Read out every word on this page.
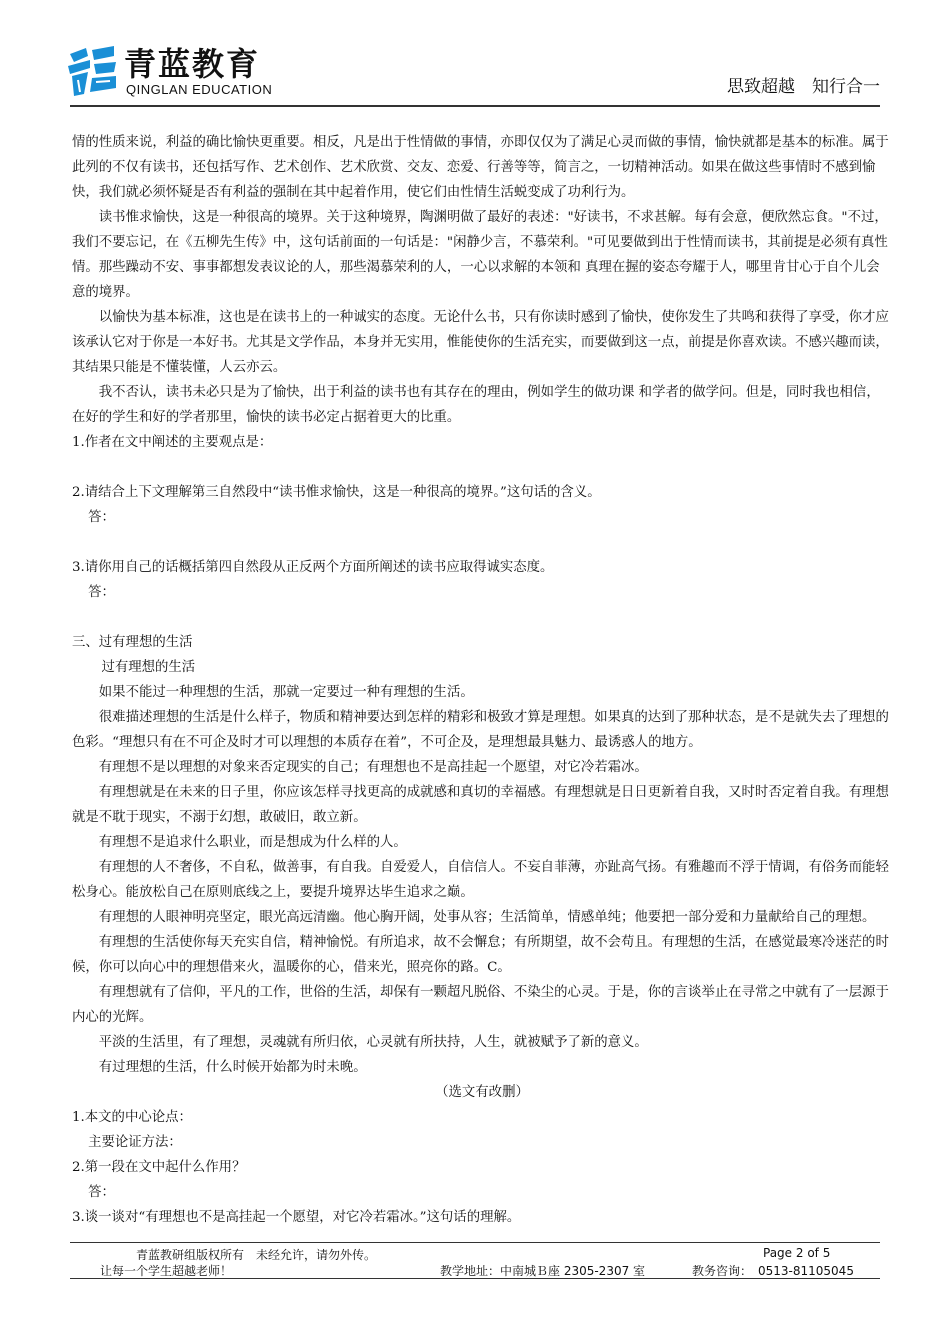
青蓝教育
QINGLAN EDUCATION	思致超越　知行合一

情的性质来说，利益的确比愉快更重要。相反，凡是出于性情做的事情，亦即仅仅为了满足心灵而做的事情，愉快就都是基本的标准。属于此列的不仅有读书，还包括写作、艺术创作、艺术欣赏、交友、恋爱、行善等等，简言之，一切精神活动。如果在做这些事情时不感到愉快，我们就必须怀疑是否有利益的强制在其中起着作用，使它们由性情生活蜕变成了功利行为。

读书惟求愉快，这是一种很高的境界。关于这种境界，陶渊明做了最好的表述："好读书，不求甚解。每有会意，便欣然忘食。"不过，我们不要忘记，在《五柳先生传》中，这句话前面的一句话是："闲静少言，不慕荣利。"可见要做到出于性情而读书，其前提是必须有真性情。那些躁动不安、事事都想发表议论的人，那些渴慕荣利的人，一心以求解的本领和 真理在握的姿态夸耀于人，哪里肯甘心于自个儿会意的境界。

以愉快为基本标准，这也是在读书上的一种诚实的态度。无论什么书，只有你读时感到了愉快，使你发生了共鸣和获得了享受，你才应该承认它对于你是一本好书。尤其是文学作品，本身并无实用，惟能使你的生活充实，而要做到这一点，前提是你喜欢读。不感兴趣而读，其结果只能是不懂装懂，人云亦云。

我不否认，读书未必只是为了愉快，出于利益的读书也有其存在的理由，例如学生的做功课 和学者的做学问。但是，同时我也相信，在好的学生和好的学者那里，愉快的读书必定占据着更大的比重。

1.作者在文中阐述的主要观点是：

2.请结合上下文理解第三自然段中“读书惟求愉快，这是一种很高的境界。”这句话的含义。

答：

3.请你用自己的话概括第四自然段从正反两个方面所阐述的读书应取得诚实态度。

答：

三、过有理想的生活

过有理想的生活

如果不能过一种理想的生活，那就一定要过一种有理想的生活。

很难描述理想的生活是什么样子，物质和精神要达到怎样的精彩和极致才算是理想。如果真的达到了那种状态，是不是就失去了理想的色彩。“理想只有在不可企及时才可以理想的本质存在着”，不可企及，是理想最具魅力、最诱惑人的地方。

有理想不是以理想的对象来否定现实的自己；有理想也不是高挂起一个愿望，对它冷若霜冰。

有理想就是在未来的日子里，你应该怎样寻找更高的成就感和真切的幸福感。有理想就是日日更新着自我，又时时否定着自我。有理想就是不耽于现实，不溺于幻想，敢破旧，敢立新。

有理想不是追求什么职业，而是想成为什么样的人。

有理想的人不奢侈，不自私，做善事，有自我。自爱爱人，自信信人。不妄自菲薄，亦趾高气扬。有雅趣而不浮于情调，有俗务而能轻松身心。能放松自己在原则底线之上，要提升境界达毕生追求之巅。

有理想的人眼神明亮坚定，眼光高远清幽。他心胸开阔，处事从容；生活简单，情感单纯；他要把一部分爱和力量献给自己的理想。

有理想的生活使你每天充实自信，精神愉悦。有所追求，故不会懈怠；有所期望，故不会苟且。有理想的生活，在感觉最寒冷迷茫的时候，你可以向心中的理想借来火，温暖你的心，借来光，照亮你的路。C。

有理想就有了信仰，平凡的工作，世俗的生活，却保有一颗超凡脱俗、不染尘的心灵。于是，你的言谈举止在寻常之中就有了一层源于内心的光辉。

平淡的生活里，有了理想，灵魂就有所归依，心灵就有所扶持，人生，就被赋予了新的意义。

有过理想的生活，什么时候开始都为时未晚。

（选文有改删）

1.本文的中心论点：

主要论证方法：

2.第一段在文中起什么作用？

答：

3.谈一谈对“有理想也不是高挂起一个愿望，对它冷若霜冰。”这句话的理解。

青蓝教研组版权所有　未经允许，请勿外传。	Page 2 of 5
让每一个学生超越老师！	教学地址：中南城Ｂ座 2305-2307 室	教务咨询：　0513-81105045
